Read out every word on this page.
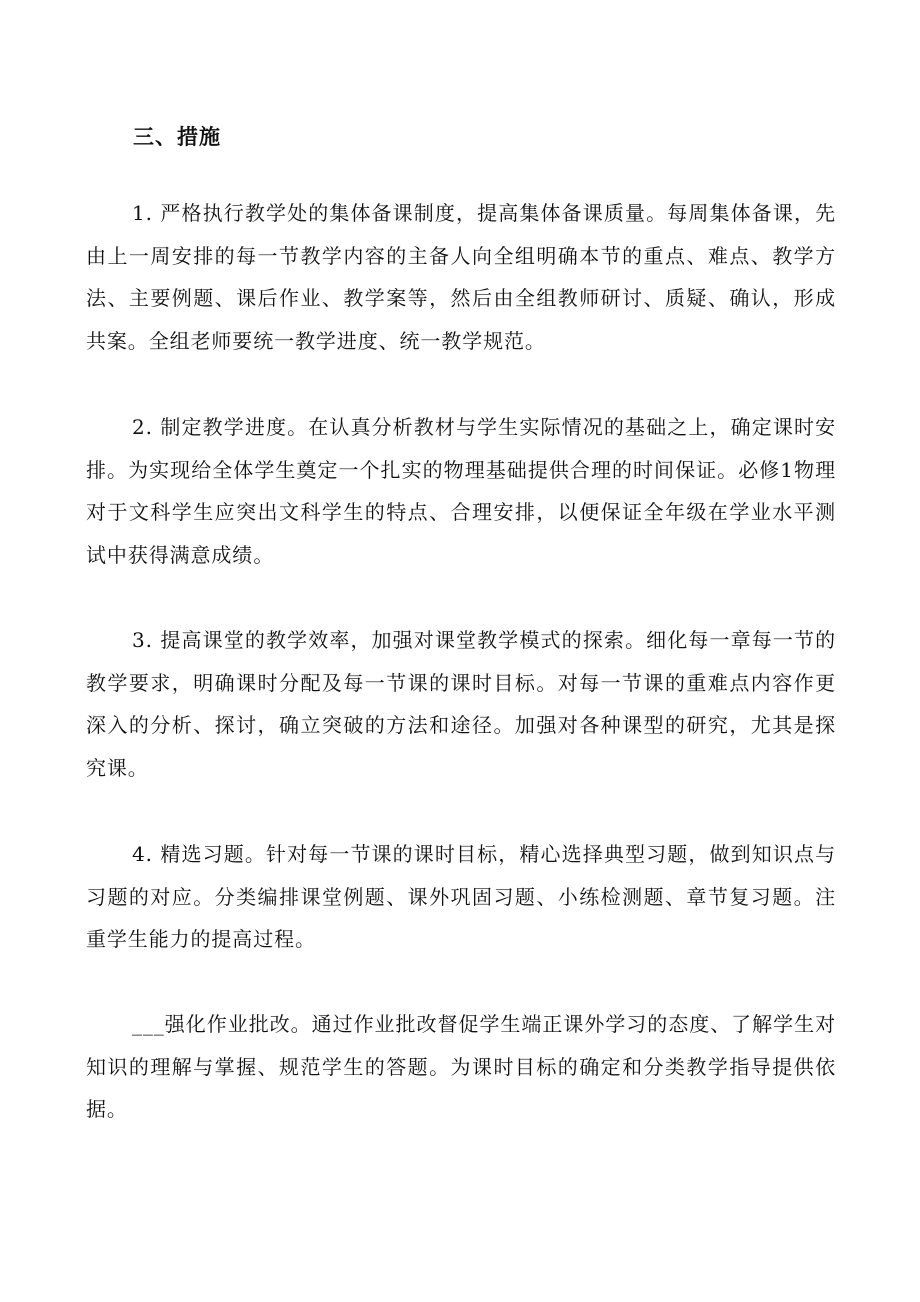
三、措施

1. 严格执行教学处的集体备课制度，提高集体备课质量。每周集体备课，先由上一周安排的每一节教学内容的主备人向全组明确本节的重点、难点、教学方法、主要例题、课后作业、教学案等，然后由全组教师研讨、质疑、确认，形成共案。全组老师要统一教学进度、统一教学规范。

2. 制定教学进度。在认真分析教材与学生实际情况的基础之上，确定课时安排。为实现给全体学生奠定一个扎实的物理基础提供合理的时间保证。必修1物理对于文科学生应突出文科学生的特点、合理安排，以便保证全年级在学业水平测试中获得满意成绩。

3. 提高课堂的教学效率，加强对课堂教学模式的探索。细化每一章每一节的教学要求，明确课时分配及每一节课的课时目标。对每一节课的重难点内容作更深入的分析、探讨，确立突破的方法和途径。加强对各种课型的研究，尤其是探究课。

4. 精选习题。针对每一节课的课时目标，精心选择典型习题，做到知识点与习题的对应。分类编排课堂例题、课外巩固习题、小练检测题、章节复习题。注重学生能力的提高过程。

___强化作业批改。通过作业批改督促学生端正课外学习的态度、了解学生对知识的理解与掌握、规范学生的答题。为课时目标的确定和分类教学指导提供依据。
